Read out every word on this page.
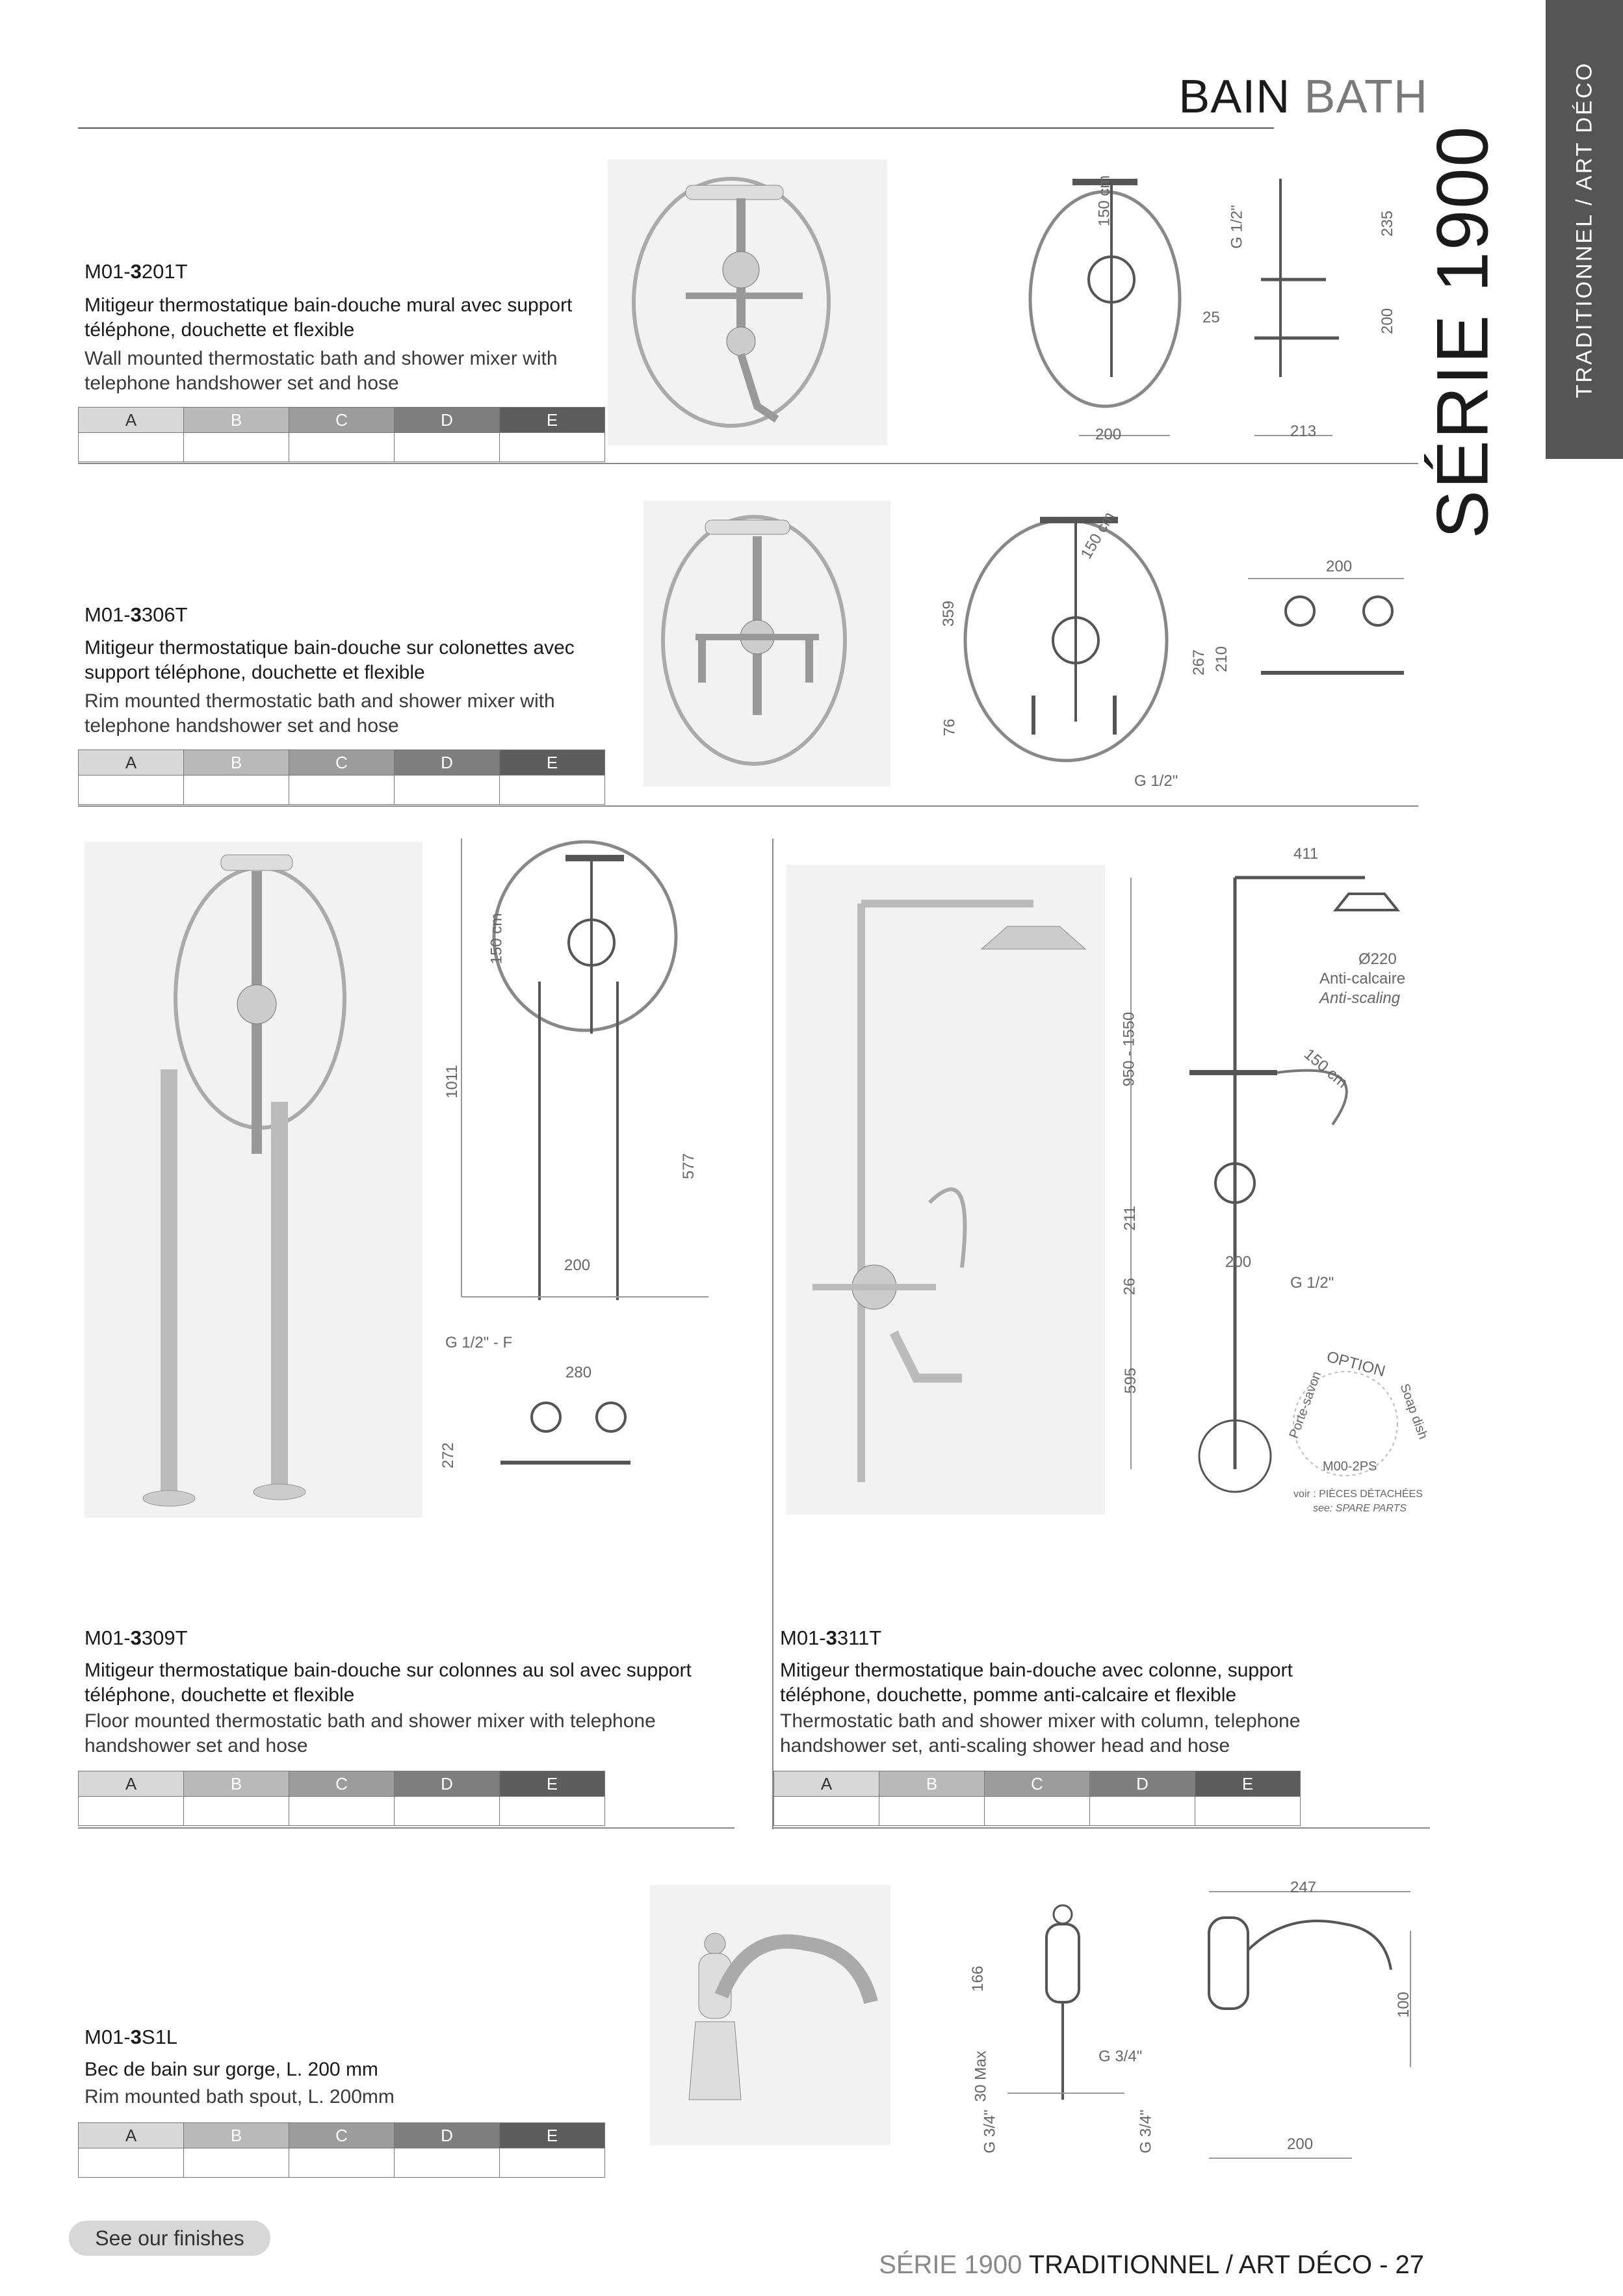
BAIN BATH	TRADITIONNEL / ART DÉCO
SÉRIE 1900
M01-3201T
Mitigeur thermostatique bain-douche mural avec support téléphone, douchette et flexible
Wall mounted thermostatic bath and shower mixer with telephone handshower set and hose
A	B	C	D	E

150 cm
G 1/2"	235
25	200
200	213
M01-3306T
Mitigeur thermostatique bain-douche sur colonettes avec support téléphone, douchette et flexible
Rim mounted thermostatic bath and shower mixer with telephone handshower set and hose
A	B	C	D	E

150 cm
359
76
G 1/2"
200
267 210
150 cm
1011
577
200
G 1/2" - F
280
272
411
Ø220
Anti-calcaire
Anti-scaling
950 - 1550	150 cm
211
200
26	G 1/2"
595
OPTION
Porte-savon	Soap dish
M00-2PS
voir : PIÈCES DÉTACHÉES
see: SPARE PARTS
M01-3309T
Mitigeur thermostatique bain-douche sur colonnes au sol avec support téléphone, douchette et flexible
Floor mounted thermostatic bath and shower mixer with telephone handshower set and hose
A	B	C	D	E

M01-3311T
Mitigeur thermostatique bain-douche avec colonne, support téléphone, douchette, pomme anti-calcaire et flexible
Thermostatic bath and shower mixer with column, telephone handshower set, anti-scaling shower head and hose
A	B	C	D	E

M01-3S1L
Bec de bain sur gorge, L. 200 mm
Rim mounted bath spout, L. 200mm
A	B	C	D	E

247
166
G 3/4"
30 Max
G 3/4"	G 3/4"
100
200
See our finishes
SÉRIE 1900 TRADITIONNEL / ART DÉCO - 27
